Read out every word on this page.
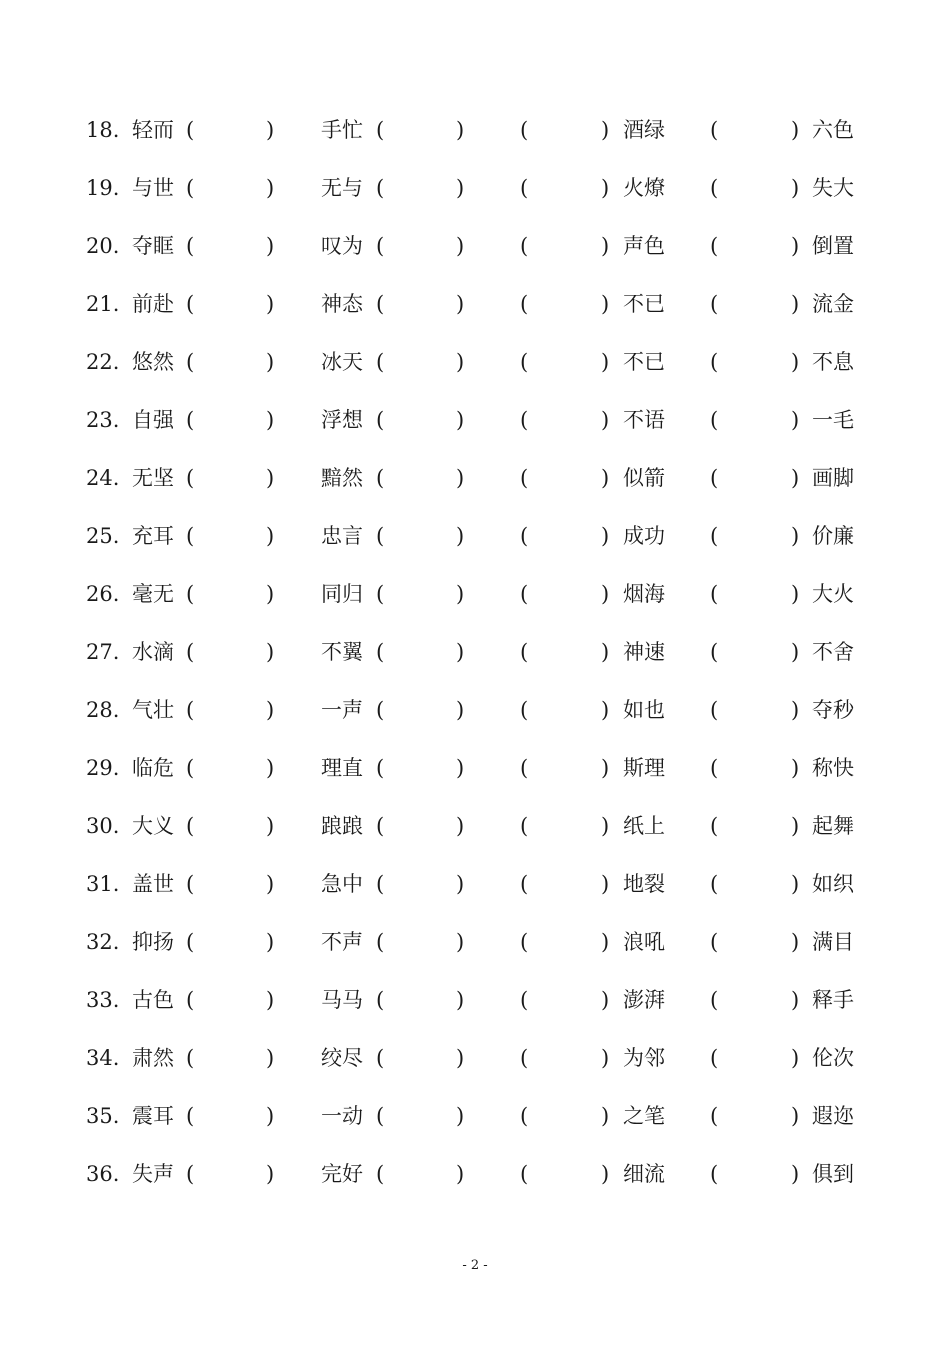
18. 轻而 (	) 手忙 (	)	(	) 酒绿 (	) 六色
19. 与世 (	) 无与 (	)	(	) 火燎 (	) 失大
20. 夺眶 (	) 叹为 (	)	(	) 声色 (	) 倒置
21. 前赴 (	) 神态 (	)	(	) 不已 (	) 流金
22. 悠然 (	) 冰天 (	)	(	) 不已 (	) 不息
23. 自强 (	) 浮想 (	)	(	) 不语 (	) 一毛
24. 无坚 (	) 黯然 (	)	(	) 似箭 (	) 画脚
25. 充耳 (	) 忠言 (	)	(	) 成功 (	) 价廉
26. 毫无 (	) 同归 (	)	(	) 烟海 (	) 大火
27. 水滴 (	) 不翼 (	)	(	) 神速 (	) 不舍
28. 气壮 (	) 一声 (	)	(	) 如也 (	) 夺秒
29. 临危 (	) 理直 (	)	(	) 斯理 (	) 称快
30. 大义 (	) 踉踉 (	)	(	) 纸上 (	) 起舞
31. 盖世 (	) 急中 (	)	(	) 地裂 (	) 如织
32. 抑扬 (	) 不声 (	)	(	) 浪吼 (	) 满目
33. 古色 (	) 马马 (	)	(	) 澎湃 (	) 释手
34. 肃然 (	) 绞尽 (	)	(	) 为邻 (	) 伦次
35. 震耳 (	) 一动 (	)	(	) 之笔 (	) 遐迩
36. 失声 (	) 完好 (	)	(	) 细流 (	) 俱到
- 2 -
